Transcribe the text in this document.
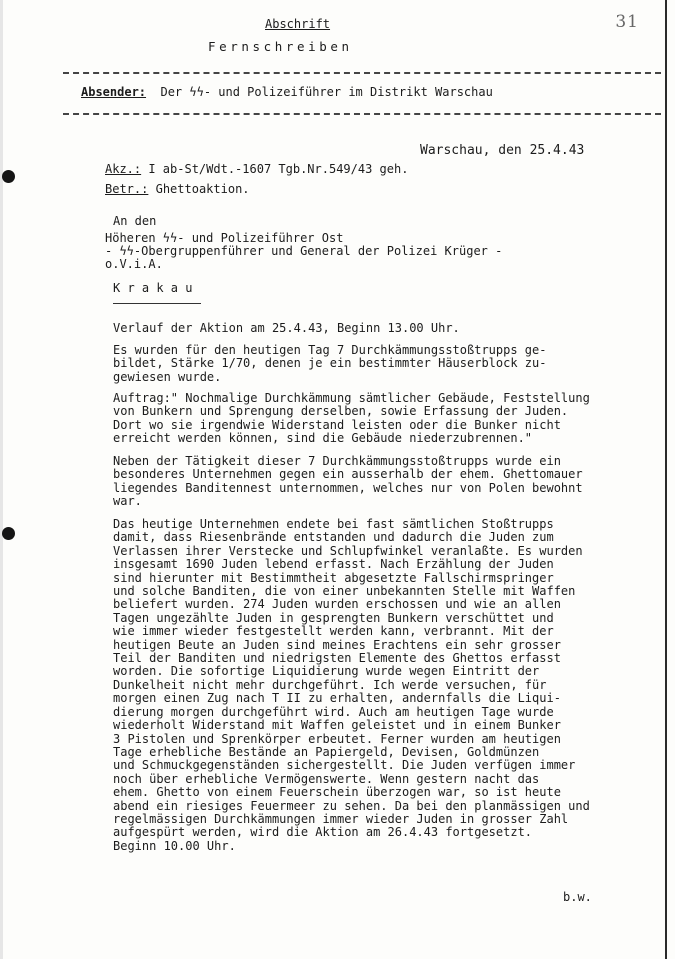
31
Abschrift
Fernschreiben
Absender: Der ϟϟ- und Polizeiführer im Distrikt Warschau
Warschau, den 25.4.43
Akz.: I ab-St/Wdt.-1607 Tgb.Nr.549/43 geh.
Betr.: Ghettoaktion.
An den
Höheren ϟϟ- und Polizeiführer Ost
- ϟϟ-Obergruppenführer und General der Polizei Krüger -
o.V.i.A.
K r a k a u
Verlauf der Aktion am 25.4.43, Beginn 13.00 Uhr.
Es wurden für den heutigen Tag 7 Durchkämmungsstoßtrupps ge-
bildet, Stärke 1/70, denen je ein bestimmter Häuserblock zu-
gewiesen wurde.
Auftrag:" Nochmalige Durchkämmung sämtlicher Gebäude, Feststellung
von Bunkern und Sprengung derselben, sowie Erfassung der Juden.
Dort wo sie irgendwie Widerstand leisten oder die Bunker nicht
erreicht werden können, sind die Gebäude niederzubrennen."
Neben der Tätigkeit dieser 7 Durchkämmungsstoßtrupps wurde ein
besonderes Unternehmen gegen ein ausserhalb der ehem. Ghettomauer
liegendes Banditennest unternommen, welches nur von Polen bewohnt
war.
Das heutige Unternehmen endete bei fast sämtlichen Stoßtrupps
damit, dass Riesenbrände entstanden und dadurch die Juden zum
Verlassen ihrer Verstecke und Schlupfwinkel veranlaßte. Es wurden
insgesamt 1690 Juden lebend erfasst. Nach Erzählung der Juden
sind hierunter mit Bestimmtheit abgesetzte Fallschirmspringer
und solche Banditen, die von einer unbekannten Stelle mit Waffen
beliefert wurden. 274 Juden wurden erschossen und wie an allen
Tagen ungezählte Juden in gesprengten Bunkern verschüttet und
wie immer wieder festgestellt werden kann, verbrannt. Mit der
heutigen Beute an Juden sind meines Erachtens ein sehr grosser
Teil der Banditen und niedrigsten Elemente des Ghettos erfasst
worden. Die sofortige Liquidierung wurde wegen Eintritt der
Dunkelheit nicht mehr durchgeführt. Ich werde versuchen, für
morgen einen Zug nach T II zu erhalten, andernfalls die Liqui-
dierung morgen durchgeführt wird. Auch am heutigen Tage wurde
wiederholt Widerstand mit Waffen geleistet und in einem Bunker
3 Pistolen und Sprenkörper erbeutet. Ferner wurden am heutigen
Tage erhebliche Bestände an Papiergeld, Devisen, Goldmünzen
und Schmuckgegenständen sichergestellt. Die Juden verfügen immer
noch über erhebliche Vermögenswerte. Wenn gestern nacht das
ehem. Ghetto von einem Feuerschein überzogen war, so ist heute
abend ein riesiges Feuermeer zu sehen. Da bei den planmässigen und
regelmässigen Durchkämmungen immer wieder Juden in grosser Zahl
aufgespürt werden, wird die Aktion am 26.4.43 fortgesetzt.
Beginn 10.00 Uhr.
b.w.
